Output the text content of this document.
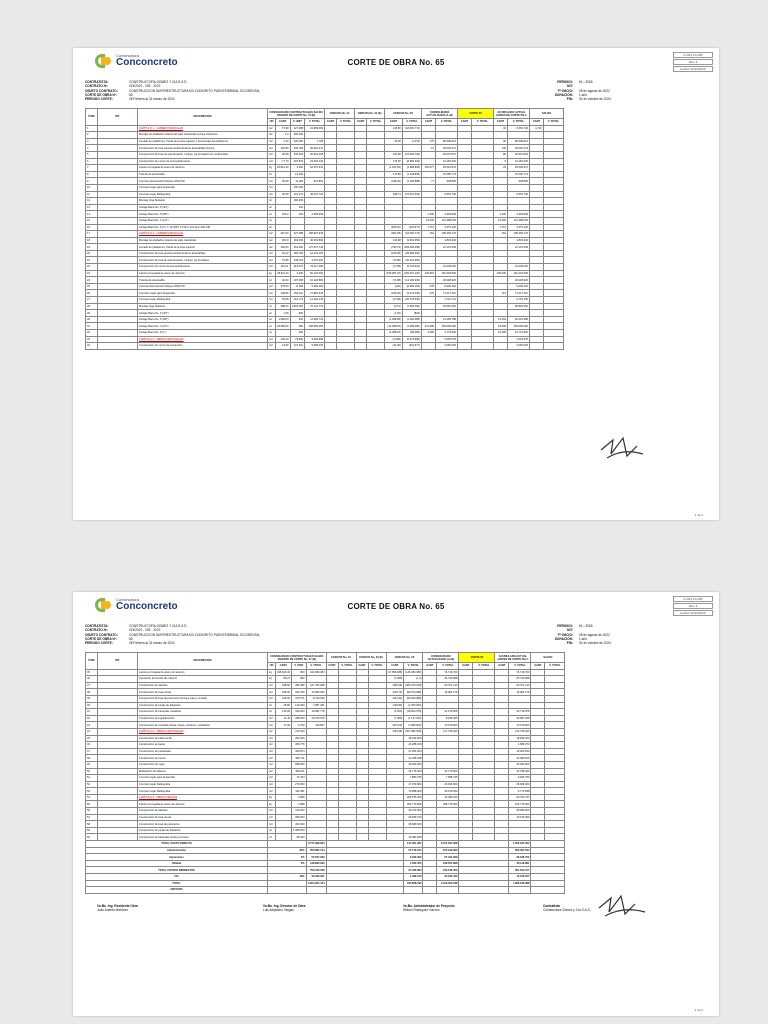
Constructora
Conconcreto	CORTE DE OBRA No. 65
F-CET-LA-005
Rev. 3
Fecha: 02/10/2020
CONTRATISTA:	CONSTRUCTORA GOMEZ Y CIA S.A.S.
CONTRATO Nº:	015/2021 - 039 - 2022
OBJETO CONTRATO:	CONSTRUCCION SUPERESTRUCTURA EN CONCRETO PUENTE/BRIDAL OCCIDENTAL
CORTE DE OBRA Nº:	65
PERIODO CORTE:	28 Febrero al 31 marzo de 2024
PERIODO: 64 - 0065
NIT:
Fª INICIO: 28 de agosto de 2022
DURACIÓN: 1 año
FIN: 31 de octubre de 2024
ÍTEM	NIT	DESCRIPCIÓN	CONSOLIDADO CONTRACTUALES SALDO VIGENTE DE CORTE No. 47 (B)				CERCOS No. 04		CERCOS No. 04 (E)		CERCOS No. 05		CONSOLIDADO ACTUALIZADO (A+B)		CORTE 65		ACUMULADO ACTUAL (ANTES DE CORTE 65) C		SALDO	
			UN	CANT.	V. UNIT	V. TOTAL	CANT	V. TOTAL	CANT	V. TOTAL	CANT	V. TOTAL	CANT	V. TOTAL	CANT	V. TOTAL	CANT	V. TOTAL	CANT	V. TOTAL
1		CAPÍTULO 1 - CUBIERTA MODULAR	m2	57,98	427.088	24.989.099					225,80	(18.000.774)					32	9.554.746	(2,08)	
2		Montaje de acabados sistema de tejas traslúcidas incluye transporte	m2	1,0	480.000															
3		Armado de plataforma. Tanda de la losa superior y desmontaje de plataforma	m2	4,16	436.000	1.798					32,95	(1.079)	175	86.399.614			96	86.399.614		
4		Construcción de losa prelosa reinforzamiento alcantarillas incluye	m3	118,89	269.796	30.062.272							12	30.062.272			135	30.062.273		
5		Construcción de losa de aproximación. Incluye: (a) formaleta sin conformidad	m3	48,48	544.915	26.504.108					160,98	(19.083.706)		59.097.847			80	26.997.823		
6		Construcción de muros de acompañamiento	m3	77,70	297.879	23.023.136					175,00	(8.989.302)		13.152.626			9	13.152.626		
7		Lámina corrugada de acero de refuerzo	kg	18.814,20	3.300	62.076.312					(1.541,83)	(1.688.808)	165.577	60.016.973			20	60.006.972		
8		Tubería de alcantarilla	ml		14.000						173,80	(1.128.895)		10.280.773				10.206.773		
9		Concreto Estructural Ciclópeo 3000 PSI	m3	35,68	11.483	847.891					(198,49)	(1.168.888)	77	508.895				908.895		
10		Concreto lugar para Suspender	m3		100.000															
11		Concreto lugar Radiografía	m3	35,68	116.173	49.370.720					188,74	(15.007.693)		9.554.746				9.554.746		
12		Montaje Viga Sebastol	ml		496.000															
13		Anclaje Barra No. 6 (3/4")	un		420															
14		Anclaje Barra No. 5 (5/8")	un	150,0	420	4.999.999							4.450	4.999.999			1.400	4.999.999		
15		Anclaje Barra No. 4 (1/2")	un										16.000	131.488.000			31.400	131.488.000		
16		Anclaje Barra No. 8 (1") Y 10 (3/8") 17/16 X 101 SLC 400-140	un								(655,60)	(163.677)	1.767	3.275.420			1.767	3.275.420		
17		CAPÍTULO 2 - CUBIERTA MODULAR	m2	457,00	427.088	168.907.943					(681,08)	(18.000.774)	464	196.099.723			464	196.099.723		
18		Montaje de acabados sistema de tejas traslúcidas	m2	96,00	484.000	46.463.896					130,98	(3.062.956)		4.833.290				4.833.290		
19		Armado de plataforma. Tanda de la losa superior	m2	400,00	361.000	137.047.736					(793,79)	(183.008.458)		22.161.008				22.161.008		
20		Construcción de losa prelosa reinforzamiento alcantarillas	m3	46,10	269.796	12.441.150					(169,38)	(28.968.306)								
21		Construcción de losa de aproximación. Incluye: (a) formaleta	m3	76,88	449.015	4.370.381					(73,89)	(32.422.685)								
22		Construcción de muros de acompañamiento	m3	116,01	319.070	33.117.280					(17,89)	(5.703.901)		34.206.000				34.206.000		
23		Lámina corrugada de acero de refuerzo	kg	18.811,20	3.200	60.120.000					(195.687,20)	(165.037.190)	200.818	162.328.596			200.000	162.236.596		
24		Tubería de alcantarilla	ml	42,00	207.058	10.426.882					(71,88)	(14.160.900)		29.098.925				29.098.925		
25		Concreto Estructural Ciclópeo 3000 PSI	m3	478,00	11.483	5.999.182					(100)	(8.999.182)	478	8.999.182				5.099.126		
26		Concreto lugar para Suspender	m3	139,86	266.010	71.882.644					(269,39)	(3.176.000)	270	71.217.301			113	71.217.301		
27		Concreto lugar Radiografía	m3	35,68	116.173	14.394.143					(17,89)	(26.778.630)		4.710.713				6.793.756		
28		Montaje Viga Sebastol	ml	288,00	1.803.000	70.144.770					(3,51)	(7.390.200)		84.050.356				86.869.356		
29		Anclaje Barra No. 6 (3/4")	un	1,08	860						(1,00)	(864)								
30		Anclaje Barra No. 5 (5/8")	un	1.986,00	460	11.089.744					(1.488,88)	(1.466.488)		11.089.788			31.463	26.201.388		
31		Anclaje Barra No. 4 (1/2")	un	28.989,00	380	168.589.280					(13.088,00)	(7.089.080)	211.089	169.699.280			18.599	169.699.280		
32		Anclaje Barra No. 8 (1")	un		460						(1.088,00)	(88.089)	3.286	4.779.900			15.266	10.779.950		
33		CAPÍTULO 3 - OBRAS ADICIONALES	m3	100,00	79.800	3.069.688					(2.689)	(2.675.885)		3.050.578				4.049.578		
34		Construcción de muros de contención	m3	21,80	137.910	5.089.020					(24,00)	(416.577)		3.059.006				3.066.006		
1 de 2
Constructora
Conconcreto	CORTE DE OBRA No. 65
F-CET-LA-005
Rev. 3
Fecha: 02/10/2020
CONTRATISTA:	CONSTRUCTORA GOMEZ Y CIA S.A.S.
CONTRATO Nº:	015/2021 - 039 - 2022
OBJETO CONTRATO:	CONSTRUCCION SUPERESTRUCTURA EN CONCRETO PUENTE/BRIDAL OCCIDENTAL
CORTE DE OBRA Nº:	65
PERIODO CORTE:	28 Febrero al 31 marzo de 2024
PERIODO: 64 - 0065
NIT:
Fª INICIO: 28 de agosto de 2022
DURACIÓN: 1 año
FIN: 31 de octubre de 2024
ÍTEM	NIT	DESCRIPCIÓN	CONSOLIDADO CONTRACTUALES SALDO VIGENTE DE CORTE No. 47 (B)				CERCOS No. 04		CERCOS No. 04 (E)		CERCOS No. 05		CONSOLIDADO ACTUALIZADO (A+B)		CORTE 65		ACUMULADO ACTUAL (ANTES DE CORTE 65) C		SALDO	
			UN	CANT.	V. UNIT	V. TOTAL	CANT	V. TOTAL	CANT	V. TOTAL	CANT	V. TOTAL	CANT	V. TOTAL	CANT	V. TOTAL	CANT	V. TOTAL	CANT	V. TOTAL
35		Lámina corrugada de acero de refuerzo	kg	196.646,36	830	162.084.383					(17.895.088)	(145.084.389)		74.718.763				74.718.763		
36		Operación de bomba de refuerzo	kg	85,27	860						(1.488)	(1,4)		54.733.688				56.733.688		
37		Construcción de tabletas	m3	188,60	356.088	107.784.688					(960,38)	(482.079.018)		80.701.140				80.701.140		
38		Construcción de losa previa	m3	188,00	330.780	70.383.930					(618,70)	(99.079.088)		16.081.178				16.081.178		
39		Construcción de losa de pavimento (incluye capa y curado)	m3	418,00	370.671	8.479.540					(641,90)	(99.000.088)								
40		Construcción de juntas de dilatación	ml	45,80	140.000	7.887.181					(193,80)	(1.000.000)								
41		Construcción de barandas metálicas	ml	130,09	340.000	10.081.778					(1.560)	(18.000.078)		41.079.008				30.719.878		
42		Construcción de regularización	m3	11,49	388.000	40.075.079					(7.088)	(1.137.300)		8.036.405				30.087.098		
43		Construcción de entradas (losas, bases, canales) y acabados	m3	17,09	6.790	116.867					(874,00)	(7.880.000)		10.079.800				10.079.800		
44		CAPÍTULO 4 - OBRAS ADICIONALES	m2		314.000						(681,08)	(307.984.968)		117.799.000				133.799.000		
45		Construcción de placa fondo	m3		354.000							48.449.000						48.849.000		
46		Construcción de tapas	m3		308.776							24.288.019						4.688.070		
47		Construcción de pedestales	m3		309.874							47.006.000						10.000.000		
48		Construcción de muros	m3		308.711							31.068.048						34.089.000		
49		Construcción de vigas	m3		588.600							48.009.000						36.000.000		
50		Modulación de tableros	m2		368.011							34.779.600		34.779.600				34.788.000		
51		Concreto lugar para Suspender	m3		74.794							7.880.795		7.688.795				9.066.750		
52		Concreto lugar Radiografía	m3		270.000							27.079.800		20.000.000				26.009.000		
53		Concreto lugar Radiografía	m3		311.081							79.688.000		30.079.000				9.773.838		
54		CAPÍTULO 5 - OBRAS FINALES	kg		4.898							299.975.000		44.389.003				90.763.707		
55		Lámina corrugada de acero de refuerzo	kg		4.898							364.770.868		288.779.000				156.779.000		
56		Construcción de tabletas	m3		319.000							34.079.000						38.089.000		
57		Construcción de losa previa	m3		308.000							29.669.079						19.079.900		
58		Construcción de losa de pavimento	m3		304.000							38.089.000								
59		Construcción de juntas de dilatación	ml		1.088.000															
60		Construcción de barandas (incluye pintura)	ml		68.000							19.080.998								
TOTAL COSTO DIRECTO						2.777.896.924						147.001.091		3.371.097.968				1.302.337.624		
Administración			20%			555.887.744						27.170.917		674.219.593				260.467.524		
Imprevistos			2%			55.557.939						2.940.022		67.421.959				26.046.752		
Utilidad			5%			138.894.846						7.350.055		168.554.898				65.116.881		
TOTAL COSTOS INDIRECTOS						750.340.529						37.460.994		910.196.450				351.631.157		
IVA			19%			26.390.021						1.396.510		32.030.430				12.372.207		
TOTAL						3.554.627.474						185.858.595		4.313.324.848				1.666.340.988		
ANTICIPO																				
Vo.Bo. Ing. Residente Obra
Juan Andrés Martínez
Vo.Bo. Ing. Director de Obra
Luis Alejandro Vargas
Vo.Bo. Administrador de Proyecto
Wilson Rodríguez Garzón
Contratista
Constructora Gómez y Cía S.A.S.
2 de 2
